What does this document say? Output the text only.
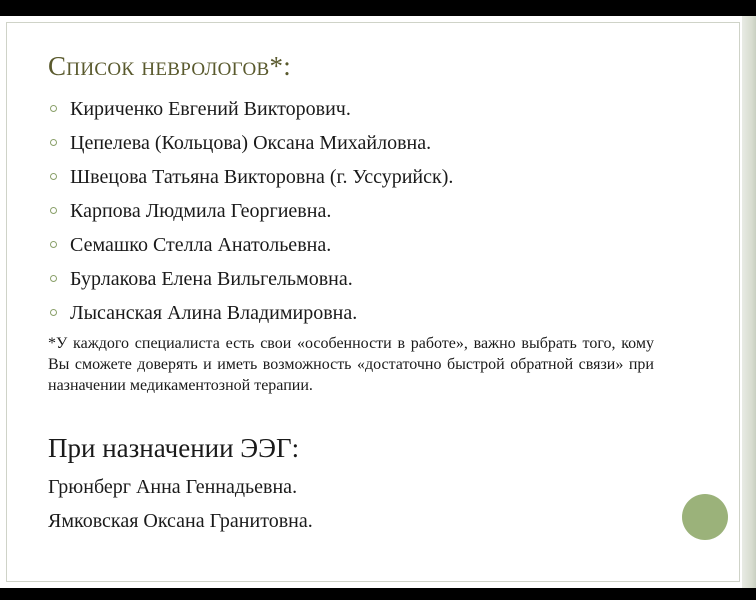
Список неврологов*:
Кириченко Евгений Викторович.
Цепелева (Кольцова) Оксана Михайловна.
Швецова Татьяна Викторовна (г. Уссурийск).
Карпова Людмила Георгиевна.
Семашко Стелла Анатольевна.
Бурлакова Елена Вильгельмовна.
Лысанская Алина Владимировна.
*У каждого специалиста есть свои «особенности в работе», важно выбрать того, кому Вы сможете доверять и иметь возможность «достаточно быстрой обратной связи» при назначении медикаментозной терапии.
При назначении ЭЭГ:
Грюнберг Анна Геннадьевна.
Ямковская Оксана Гранитовна.
